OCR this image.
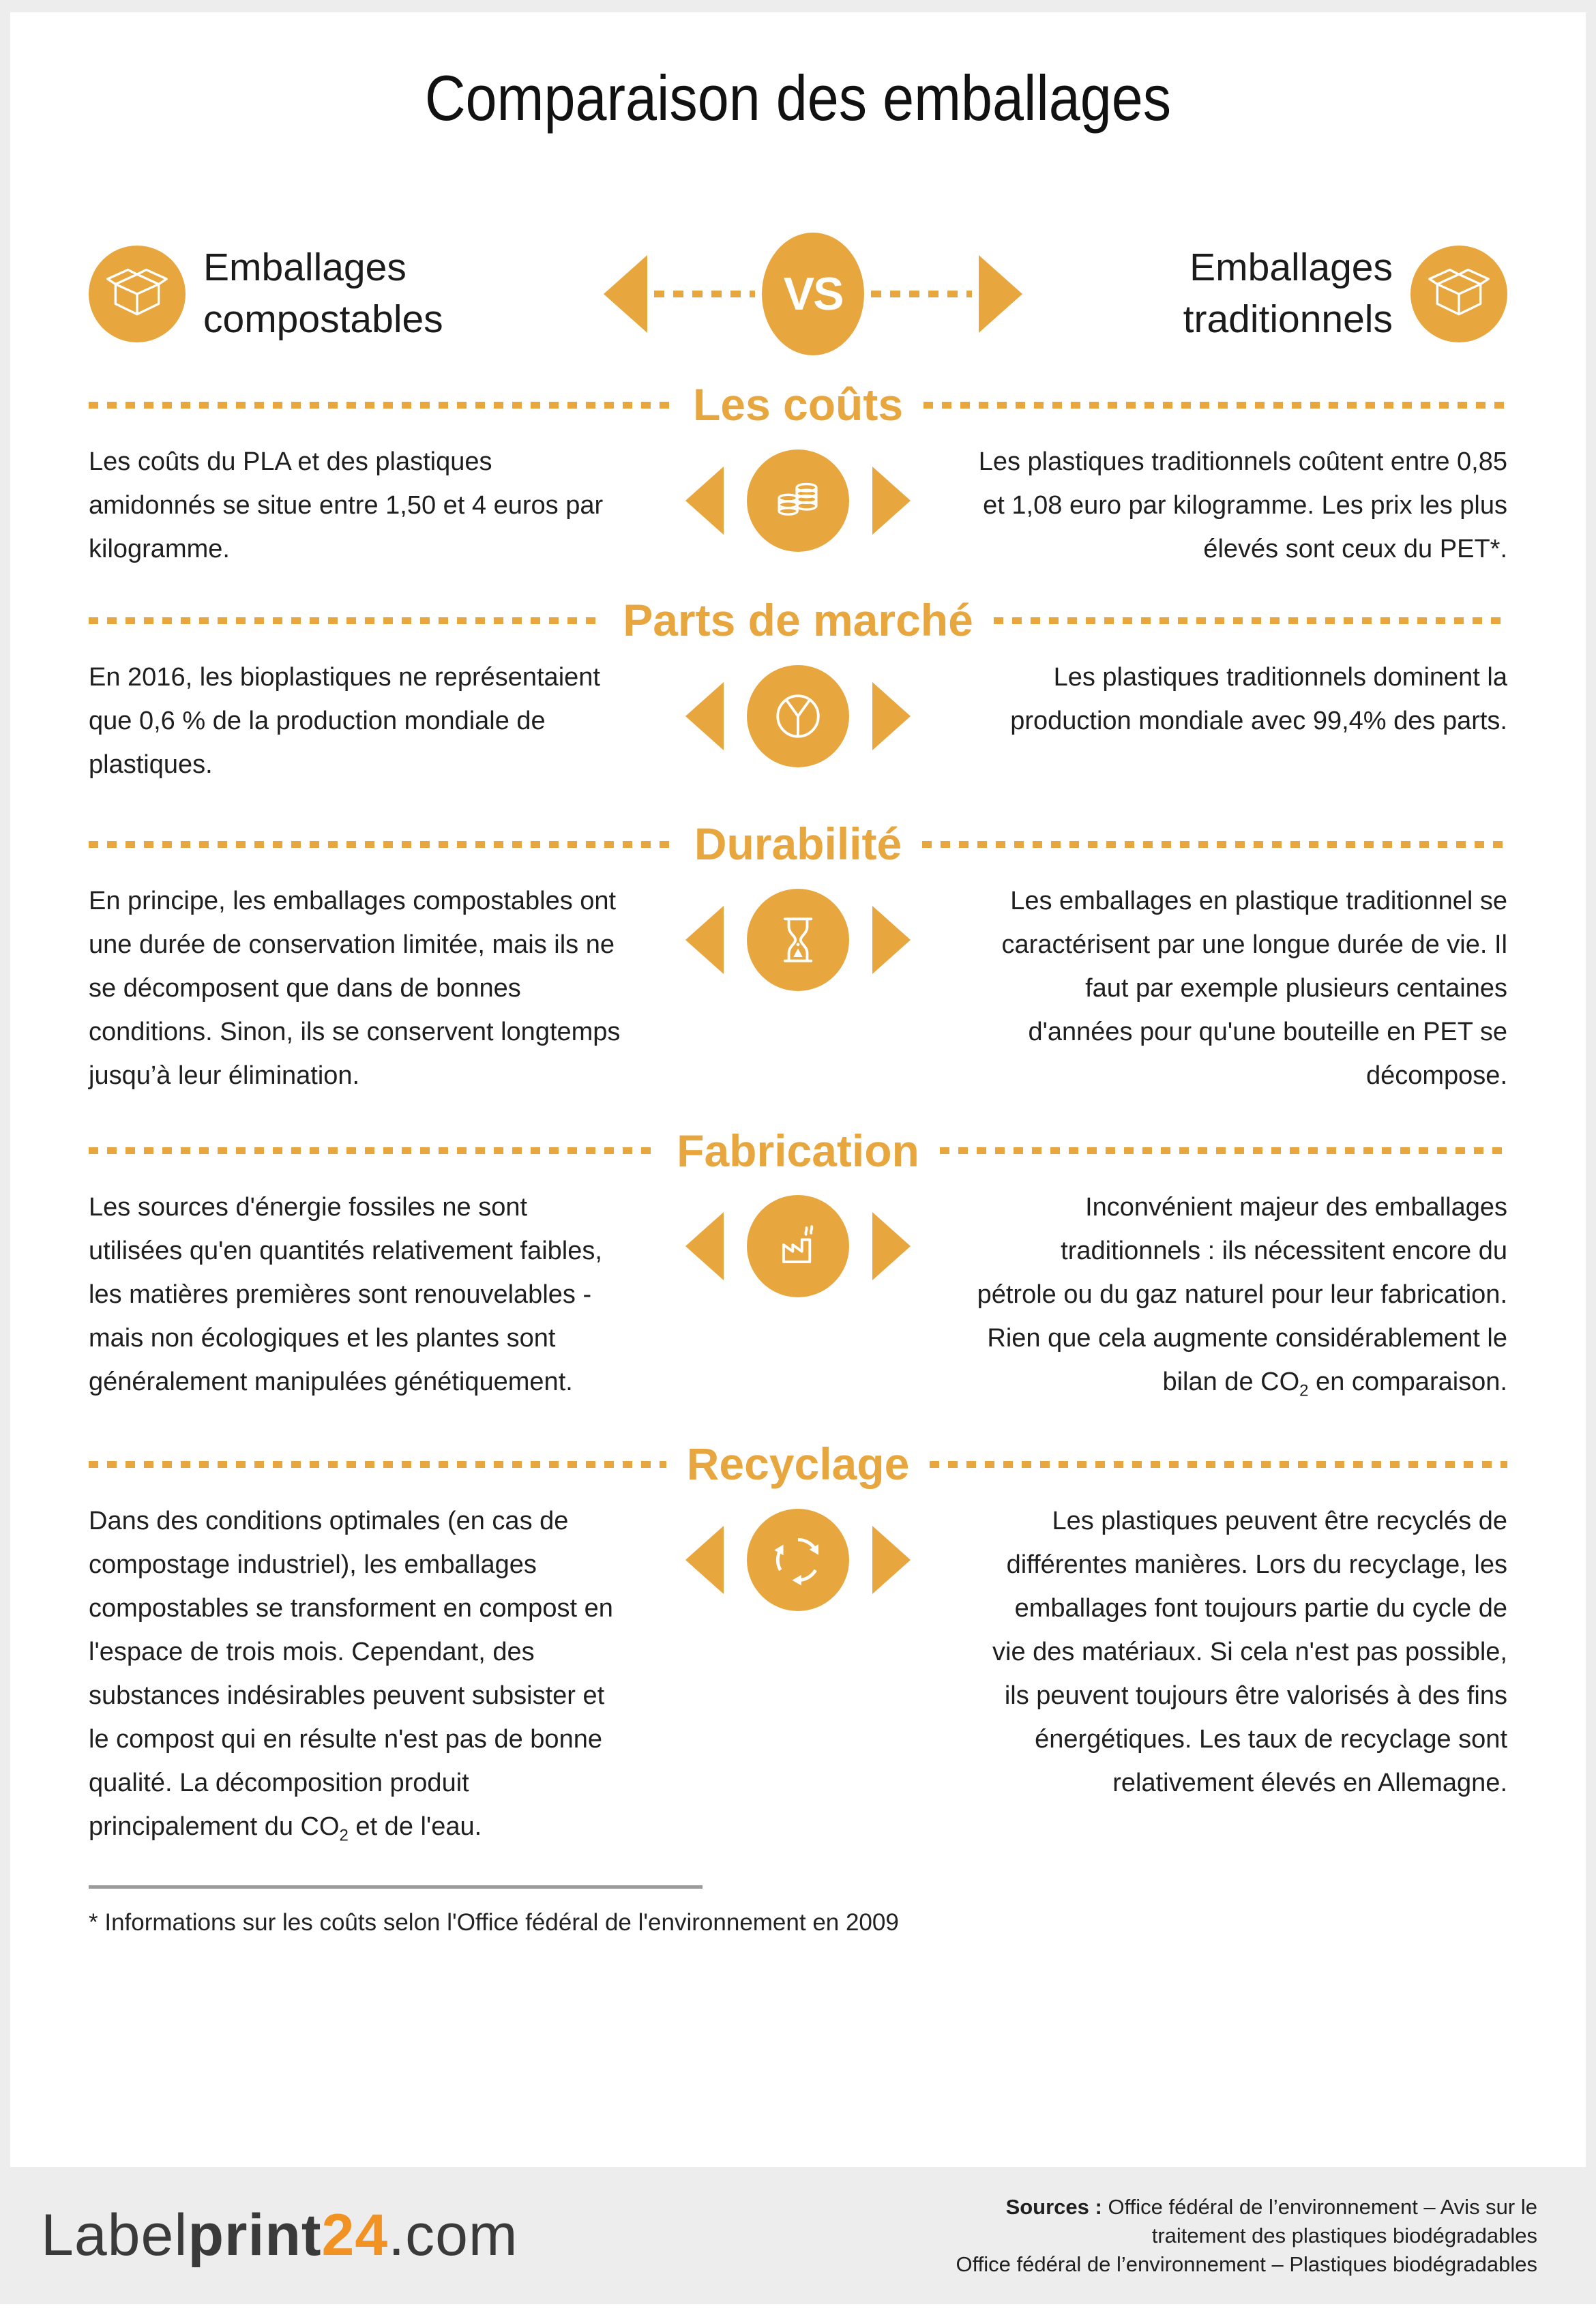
Comparaison des emballages
Emballages
compostables	VS
Emballages
traditionnels
Les coûts

Les coûts du PLA et des plastiques amidonnés se situe entre 1,50 et 4 euros par kilogramme.

Les plastiques traditionnels coûtent entre 0,85 et 1,08 euro par kilogramme. Les prix les plus élevés sont ceux du PET*.

Parts de marché

En 2016, les bioplastiques ne représentaient que 0,6 % de la production mondiale de plastiques.

Les plastiques traditionnels dominent la production mondiale avec 99,4% des parts.

Durabilité

En principe, les emballages compostables ont une durée de conservation limitée, mais ils ne se décomposent que dans de bonnes conditions. Sinon, ils se conservent longtemps jusqu’à leur élimination.

Les emballages en plastique traditionnel se caractérisent par une longue durée de vie. Il faut par exemple plusieurs centaines d'années pour qu'une bouteille en PET se décompose.

Fabrication

Les sources d'énergie fossiles ne sont utilisées qu'en quantités relativement faibles, les matières premières sont renouvelables - mais non écologiques et les plantes sont généralement manipulées génétiquement.

Inconvénient majeur des emballages traditionnels : ils nécessitent encore du pétrole ou du gaz naturel pour leur fabrication. Rien que cela augmente considérablement le bilan de $CO_2$ en comparaison.

Recyclage

Dans des conditions optimales (en cas de compostage industriel), les emballages compostables se transforment en compost en l'espace de trois mois. Cependant, des substances indésirables peuvent subsister et le compost qui en résulte n'est pas de bonne qualité. La décomposition produit principalement du $CO_2$ et de l'eau.

Les plastiques peuvent être recyclés de différentes manières. Lors du recyclage, les emballages font toujours partie du cycle de vie des matériaux. Si cela n'est pas possible, ils peuvent toujours être valorisés à des fins énergétiques. Les taux de recyclage sont relativement élevés en Allemagne.

* Informations sur les coûts selon l'Office fédéral de l'environnement en 2009
Labelprint24.com	Sources : Office fédéral de l’environnement – Avis sur le
traitement des plastiques biodégradables
Office fédéral de l’environnement – Plastiques biodégradables
